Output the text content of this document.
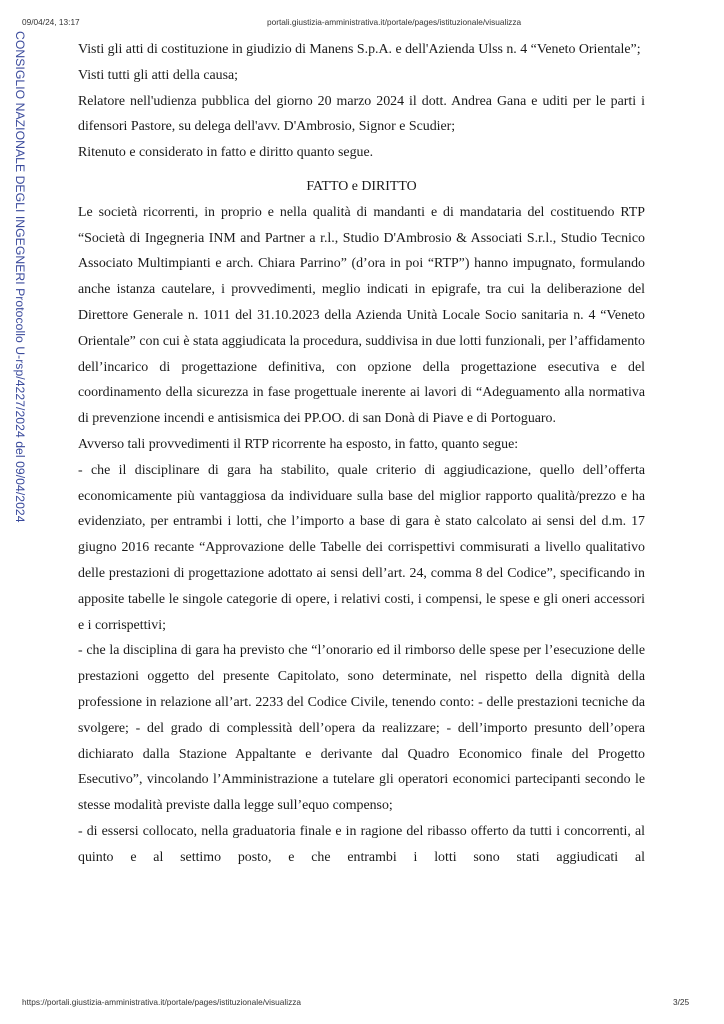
09/04/24, 13:17	portali.giustizia-amministrativa.it/portale/pages/istituzionale/visualizza
CONSIGLIO NAZIONALE DEGLI INGEGNERI Protocollo U-rsp/4227/2024 del 09/04/2024	Visti gli atti di costituzione in giudizio di Manens S.p.A. e dell'Azienda Ulss n. 4 “Veneto Orientale”;

Visti tutti gli atti della causa;

Relatore nell'udienza pubblica del giorno 20 marzo 2024 il dott. Andrea Gana e uditi per le parti i difensori Pastore, su delega dell'avv. D'Ambrosio, Signor e Scudier;

Ritenuto e considerato in fatto e diritto quanto segue.

FATTO e DIRITTO

Le società ricorrenti, in proprio e nella qualità di mandanti e di mandataria del costituendo RTP “Società di Ingegneria INM and Partner a r.l., Studio D'Ambrosio & Associati S.r.l., Studio Tecnico Associato Multimpianti e arch. Chiara Parrino” (d’ora in poi “RTP”) hanno impugnato, formulando anche istanza cautelare, i provvedimenti, meglio indicati in epigrafe, tra cui la deliberazione del Direttore Generale n. 1011 del 31.10.2023 della Azienda Unità Locale Socio sanitaria n. 4 “Veneto Orientale” con cui è stata aggiudicata la procedura, suddivisa in due lotti funzionali, per l’affidamento dell’incarico di progettazione definitiva, con opzione della progettazione esecutiva e del coordinamento della sicurezza in fase progettuale inerente ai lavori di “Adeguamento alla normativa di prevenzione incendi e antisismica dei PP.OO. di san Donà di Piave e di Portoguaro.

Avverso tali provvedimenti il RTP ricorrente ha esposto, in fatto, quanto segue:

- che il disciplinare di gara ha stabilito, quale criterio di aggiudicazione, quello dell’offerta economicamente più vantaggiosa da individuare sulla base del miglior rapporto qualità/prezzo e ha evidenziato, per entrambi i lotti, che l’importo a base di gara è stato calcolato ai sensi del d.m. 17 giugno 2016 recante “Approvazione delle Tabelle dei corrispettivi commisurati a livello qualitativo delle prestazioni di progettazione adottato ai sensi dell’art. 24, comma 8 del Codice”, specificando in apposite tabelle le singole categorie di opere, i relativi costi, i compensi, le spese e gli oneri accessori e i corrispettivi;

- che la disciplina di gara ha previsto che “l’onorario ed il rimborso delle spese per l’esecuzione delle prestazioni oggetto del presente Capitolato, sono determinate, nel rispetto della dignità della professione in relazione all’art. 2233 del Codice Civile, tenendo conto: - delle prestazioni tecniche da svolgere; - del grado di complessità dell’opera da realizzare; - dell’importo presunto dell’opera dichiarato dalla Stazione Appaltante e derivante dal Quadro Economico finale del Progetto Esecutivo”, vincolando l’Amministrazione a tutelare gli operatori economici partecipanti secondo le stesse modalità previste dalla legge sull’equo compenso;

- di essersi collocato, nella graduatoria finale e in ragione del ribasso offerto da tutti i concorrenti, al quinto e al settimo posto, e che entrambi i lotti sono stati aggiudicati al

https://portali.giustizia-amministrativa.it/portale/pages/istituzionale/visualizza	3/25
